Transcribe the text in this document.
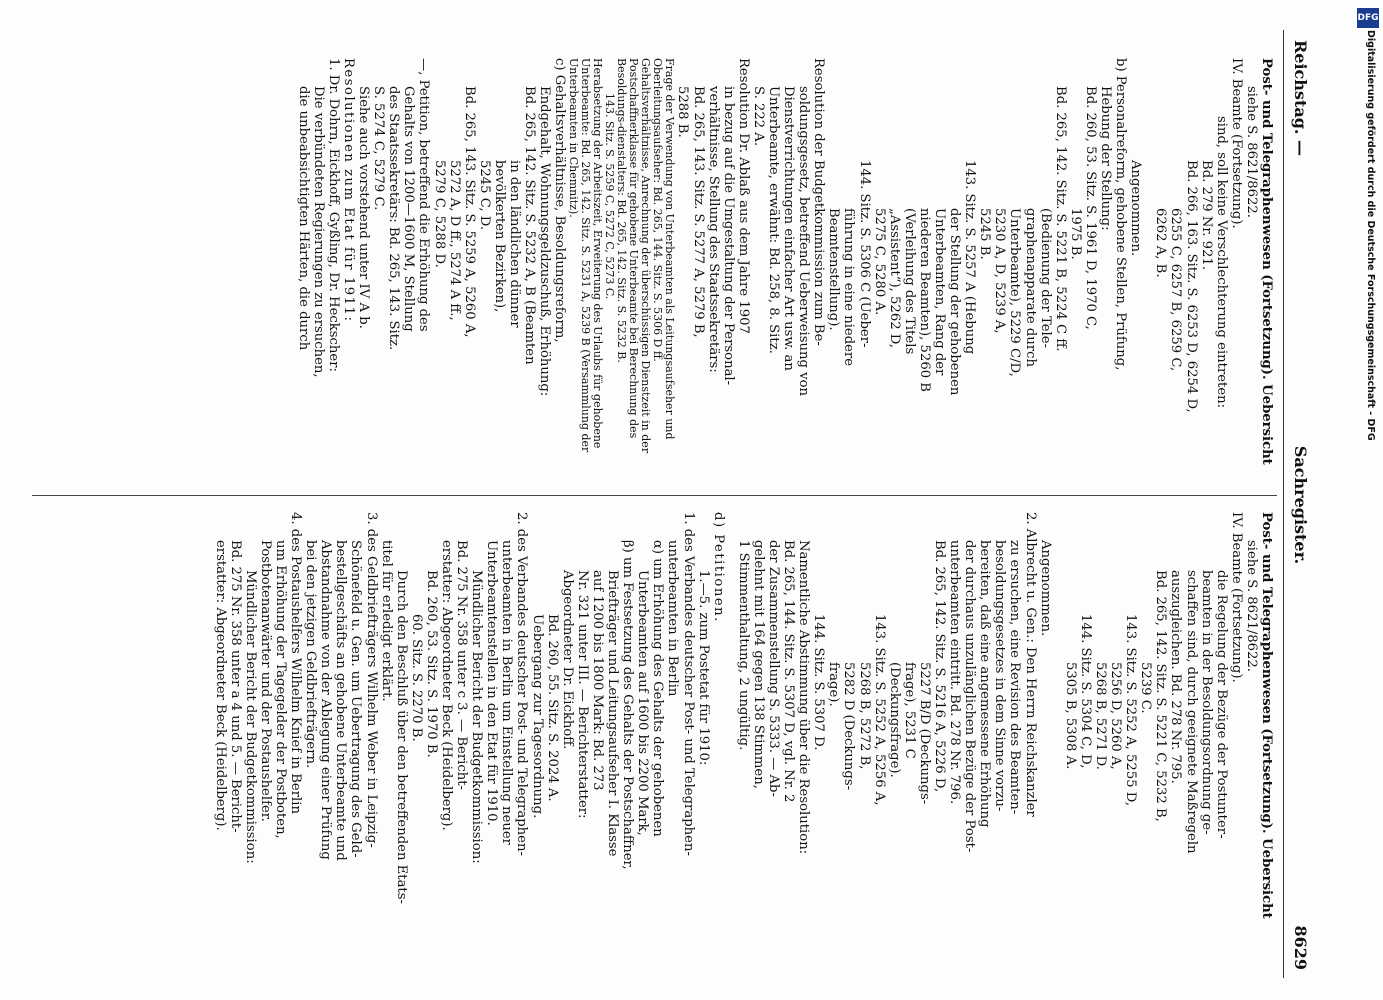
Reichstag. —
Sachregister.
8629

Post- und Telegraphenwesen (Fortsetzung). Uebersicht

siehe S. 8621/8622.

IV. Beamte (Fortsetzung).

sind, soll keine Verschlechterung eintreten:

Bd. 279 Nr. 921.

Bd. 266, 163. Sitz. S. 6253 D, 6254 D,

6255 C, 6257 B, 6259 C,

6262 A, B.

Angenommen.

b) Personalreform, gehobene Stellen, Prüfung,

Hebung der Stellung:

Bd. 260, 53. Sitz. S. 1961 D, 1970 C,

1975 B.

Bd. 265, 142. Sitz. S. 5221 B, 5224 C ff.

(Bedienung der Tele-

graphenapparate durch

Unterbeamte), 5229 C/D,

5230 A, D, 5239 A,

5245 B.

143. Sitz. S. 5257 A (Hebung

der Stellung der gehobenen

Unterbeamten, Rang der

niederen Beamten), 5260 B

(Verleihung des Titels

„Assistent“), 5262 D,

5275 C, 5280 A.

144. Sitz. S. 5306 C (Ueber-

führung in eine niedere

Beamtenstellung).

Resolution der Budgetkommission zum Be-

soldungsgesetz, betreffend Ueberweisung von

Dienstverrichtungen einfacher Art usw. an

Unterbeamte, erwähnt: Bd. 258, 8. Sitz.

S. 222 A.

Resolution Dr. Ablaß aus dem Jahre 1907

in bezug auf die Umgestaltung der Personal-

verhältnisse, Stellung des Staatssekretärs:

Bd. 265, 143. Sitz. S. 5277 A, 5279 B,

5288 B.

Frage der Verwendung von Unterbeamten als Leitungsaufseher und Oberleitungsaufseher: Bd. 265, 144. Sitz. S. 5306 D ff.

Gehaltsverhältnisse, Anrechnung der überschüssigen Dienstzeit in der Postschaffnerklasse für gehobene Unterbeamte bei Berechnung des Besoldungs-dienstalters: Bd. 265, 142. Sitz. S. 5232 B.

143. Sitz. S. 5259 C, 5272 C, 5273 C.

Herabsetzung der Arbeitszeit, Erweiterung des Urlaubs für gehobene Unterbeamte: Bd. 265, 142. Sitz. S. 5231 A, 5239 B (Versammlung der Unterbeamten in Chemnitz).

c) Gehaltsverhältnisse, Besoldungsreform,

Endgehalt, Wohnungsgeldzuschuß, Erhöhung:

Bd. 265, 142. Sitz. S. 5232 A, B (Beamten

in den ländlichen dünner

bevölkerten Bezirken),

5245 C, D.

Bd. 265, 143. Sitz. S. 5259 A, 5260 A,

5272 A, D ff., 5274 A ff.,

5279 C, 5288 D.

—, Petition, betreffend die Erhöhung des

Gehalts von 1200—1600 M, Stellung

des Staatssekretärs: Bd. 265, 143. Sitz.

S. 5274 C, 5279 C.

Siehe auch vorstehend unter IV A b.

Resolutionen zum Etat für 1911:

1. Dr. Dohrn, Eickhoff, Gyßling, Dr. Heckscher:

Die verbündeten Regierungen zu ersuchen,

die unbeabsichtigten Härten, die durch

Post- und Telegraphenwesen (Fortsetzung). Uebersicht

siehe S. 8621/8622.

IV. Beamte (Fortsetzung).

die Regelung der Bezüge der Postunter-

beamten in der Besoldungsordnung ge-

schaffen sind, durch geeignete Maßregeln

auszugleichen. Bd. 278 Nr. 795.

Bd. 265, 142. Sitz. S. 5221 C, 5232 B,

5239 C.

143. Sitz. S. 5252 A, 5255 D,

5256 D, 5260 A,

5268 B, 5271 D.

144. Sitz. S. 5304 C, D,

5305 B, 5308 A.

Angenommen.

2. Albrecht u. Gen.: Den Herrn Reichskanzler

zu ersuchen, eine Revision des Beamten-

besoldungsgesetzes in dem Sinne vorzu-

bereiten, daß eine angemessene Erhöhung

der durchaus unzulänglichen Bezüge der Post-

unterbeamten eintritt. Bd. 278 Nr. 796.

Bd. 265, 142. Sitz. S. 5216 A, 5226 D,

5227 B/D (Deckungs-

frage), 5231 C

(Deckungsfrage).

143. Sitz. S. 5252 A, 5256 A,

5268 B, 5272 B,

5282 D (Deckungs-

frage).

144. Sitz. S. 5307 D.

Namentliche Abstimmung über die Resolution:

Bd. 265, 144. Sitz. S. 5307 D, vgl. Nr. 2

der Zusammenstellung S. 5333. — Ab-

gelehnt mit 164 gegen 138 Stimmen,

1 Stimmenthaltung, 2 ungültig.

d) Petitionen.

1.—5. zum Postetat für 1910:

1. des Verbandes deutscher Post- und Telegraphen-

unterbeamten in Berlin

α) um Erhöhung des Gehalts der gehobenen

Unterbeamten auf 1600 bis 2200 Mark,

β) um Festsetzung des Gehalts der Postschaffner,

Briefträger und Leitungsaufseher I. Klasse

auf 1200 bis 1800 Mark: Bd. 273

Nr. 321 unter III. — Berichterstatter:

Abgeordneter Dr. Eickhoff.

Bd. 260, 55. Sitz. S. 2024 A.

Uebergang zur Tagesordnung.

2. des Verbandes deutscher Post- und Telegraphen-

unterbeamten in Berlin um Einstellung neuer

Unterbeamtenstellen in den Etat für 1910.

Mündlicher Bericht der Budgetkommission:

Bd. 275 Nr. 358 unter c 3. — Bericht-

erstatter: Abgeordneter Beck (Heidelberg).

Bd. 260, 53. Sitz. S. 1970 B.

60. Sitz. S. 2270 B.

Durch den Beschluß über den betreffenden Etats-

titel für erledigt erklärt.

3. des Geldbriefträgers Wilhelm Weber in Leipzig-

Schönefeld u. Gen. um Uebertragung des Geld-

bestellgeschäfts an gehobene Unterbeamte und

Abstandnahme von der Ablegung einer Prüfung

bei den jetzigen Geldbriefträgern.

4. des Postaushelfers Wilhelm Knief in Berlin

um Erhöhung der Tagegelder der Postboten,

Postbotenanwärter und der Postaushelfer.

Mündlicher Bericht der Budgetkommission:

Bd. 275 Nr. 358 unter a 4 und 5. — Bericht-

erstatter: Abgeordneter Beck (Heidelberg).

DFG
Digitalisierung gefördert durch die Deutsche Forschungsgemeinschaft - DFG
